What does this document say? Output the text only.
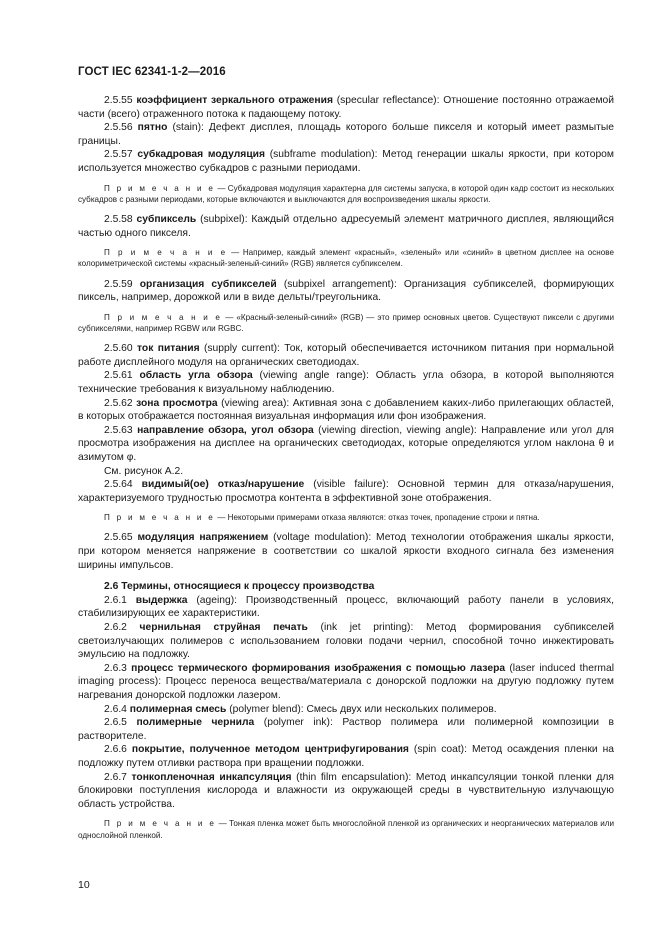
ГОСТ IEC 62341-1-2—2016

2.5.55 коэффициент зеркального отражения (specular reflectance): Отношение постоянно отражаемой части (всего) отраженного потока к падающему потоку.

2.5.56 пятно (stain): Дефект дисплея, площадь которого больше пикселя и который имеет размытые границы.

2.5.57 субкадровая модуляция (subframe modulation): Метод генерации шкалы яркости, при котором используется множество субкадров с разными периодами.

П р и м е ч а н и е — Субкадровая модуляция характерна для системы запуска, в которой один кадр состоит из нескольких субкадров с разными периодами, которые включаются и выключаются для воспроизведения шкалы яркости.

2.5.58 субпиксель (subpixel): Каждый отдельно адресуемый элемент матричного дисплея, являющийся частью одного пикселя.

П р и м е ч а н и е — Например, каждый элемент «красный», «зеленый» или «синий» в цветном дисплее на основе колориметрической системы «красный-зеленый-синий» (RGB) является субпикселем.

2.5.59 организация субпикселей (subpixel arrangement): Организация субпикселей, формирующих пиксель, например, дорожкой или в виде дельты/треугольника.

П р и м е ч а н и е — «Красный-зеленый-синий» (RGB) — это пример основных цветов. Существуют пиксели с другими субпикселями, например RGBW или RGBC.

2.5.60 ток питания (supply current): Ток, который обеспечивается источником питания при нормальной работе дисплейного модуля на органических светодиодах.

2.5.61 область угла обзора (viewing angle range): Область угла обзора, в которой выполняются технические требования к визуальному наблюдению.

2.5.62 зона просмотра (viewing area): Активная зона с добавлением каких-либо прилегающих областей, в которых отображается постоянная визуальная информация или фон изображения.

2.5.63 направление обзора, угол обзора (viewing direction, viewing angle): Направление или угол для просмотра изображения на дисплее на органических светодиодах, которые определяются углом наклона θ и азимутом φ.

См. рисунок А.2.

2.5.64 видимый(ое) отказ/нарушение (visible failure): Основной термин для отказа/нарушения, характеризуемого трудностью просмотра контента в эффективной зоне отображения.

П р и м е ч а н и е — Некоторыми примерами отказа являются: отказ точек, пропадение строки и пятна.

2.5.65 модуляция напряжением (voltage modulation): Метод технологии отображения шкалы яркости, при котором меняется напряжение в соответствии со шкалой яркости входного сигнала без изменения ширины импульсов.

2.6 Термины, относящиеся к процессу производства

2.6.1 выдержка (ageing): Производственный процесс, включающий работу панели в условиях, стабилизирующих ее характеристики.

2.6.2 чернильная струйная печать (ink jet printing): Метод формирования субпикселей светоизлучающих полимеров с использованием головки подачи чернил, способной точно инжектировать эмульсию на подложку.

2.6.3 процесс термического формирования изображения с помощью лазера (laser induced thermal imaging process): Процесс переноса вещества/материала с донорской подложки на другую подложку путем нагревания донорской подложки лазером.

2.6.4 полимерная смесь (polymer blend): Смесь двух или нескольких полимеров.

2.6.5 полимерные чернила (polymer ink): Раствор полимера или полимерной композиции в растворителе.

2.6.6 покрытие, полученное методом центрифугирования (spin coat): Метод осаждения пленки на подложку путем отливки раствора при вращении подложки.

2.6.7 тонкопленочная инкапсуляция (thin film encapsulation): Метод инкапсуляции тонкой пленки для блокировки поступления кислорода и влажности из окружающей среды в чувствительную излучающую область устройства.

П р и м е ч а н и е — Тонкая пленка может быть многослойной пленкой из органических и неорганических материалов или однослойной пленкой.

10
